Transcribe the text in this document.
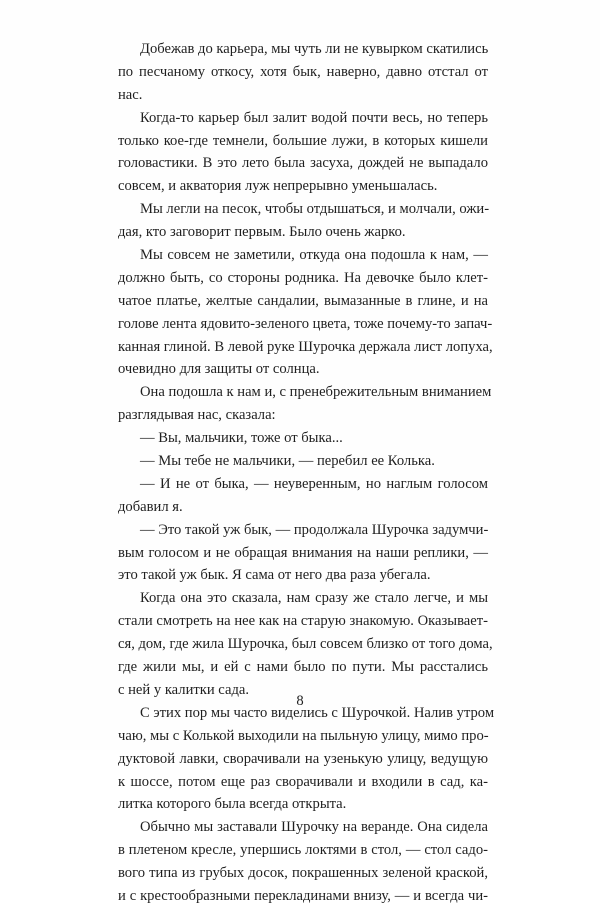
Добежав до карьера, мы чуть ли не кувырком скатились
по песчаному откосу, хотя бык, наверно, давно отстал от
нас.
Когда-то карьер был залит водой почти весь, но теперь
только кое-где темнели, большие лужи, в которых кишели
головастики. В это лето была засуха, дождей не выпадало
совсем, и акватория луж непрерывно уменьшалась.
Мы легли на песок, чтобы отдышаться, и молчали, ожи-
дая, кто заговорит первым. Было очень жарко.
Мы совсем не заметили, откуда она подошла к нам, —
должно быть, со стороны родника. На девочке было клет-
чатое платье, желтые сандалии, вымазанные в глине, и на
голове лента ядовито-зеленого цвета, тоже почему-то запач-
канная глиной. В левой руке Шурочка держала лист лопуха,
очевидно для защиты от солнца.
Она подошла к нам и, с пренебрежительным вниманием
разглядывая нас, сказала:
— Вы, мальчики, тоже от быка...
— Мы тебе не мальчики, — перебил ее Колька.
— И не от быка, — неуверенным, но наглым голосом
добавил я.
— Это такой уж бык, — продолжала Шурочка задумчи-
вым голосом и не обращая внимания на наши реплики, —
это такой уж бык. Я сама от него два раза убегала.
Когда она это сказала, нам сразу же стало легче, и мы
стали смотреть на нее как на старую знакомую. Оказывает-
ся, дом, где жила Шурочка, был совсем близко от того дома,
где жили мы, и ей с нами было по пути. Мы расстались
с ней у калитки сада.
С этих пор мы часто виделись с Шурочкой. Налив утром
чаю, мы с Колькой выходили на пыльную улицу, мимо про-
дуктовой лавки, сворачивали на узенькую улицу, ведущую
к шоссе, потом еще раз сворачивали и входили в сад, ка-
литка которого была всегда открыта.
Обычно мы заставали Шурочку на веранде. Она сидела
в плетеном кресле, упершись локтями в стол, — стол садо-
вого типа из грубых досок, покрашенных зеленой краской,
и с крестообразными перекладинами внизу, — и всегда чи-
8
